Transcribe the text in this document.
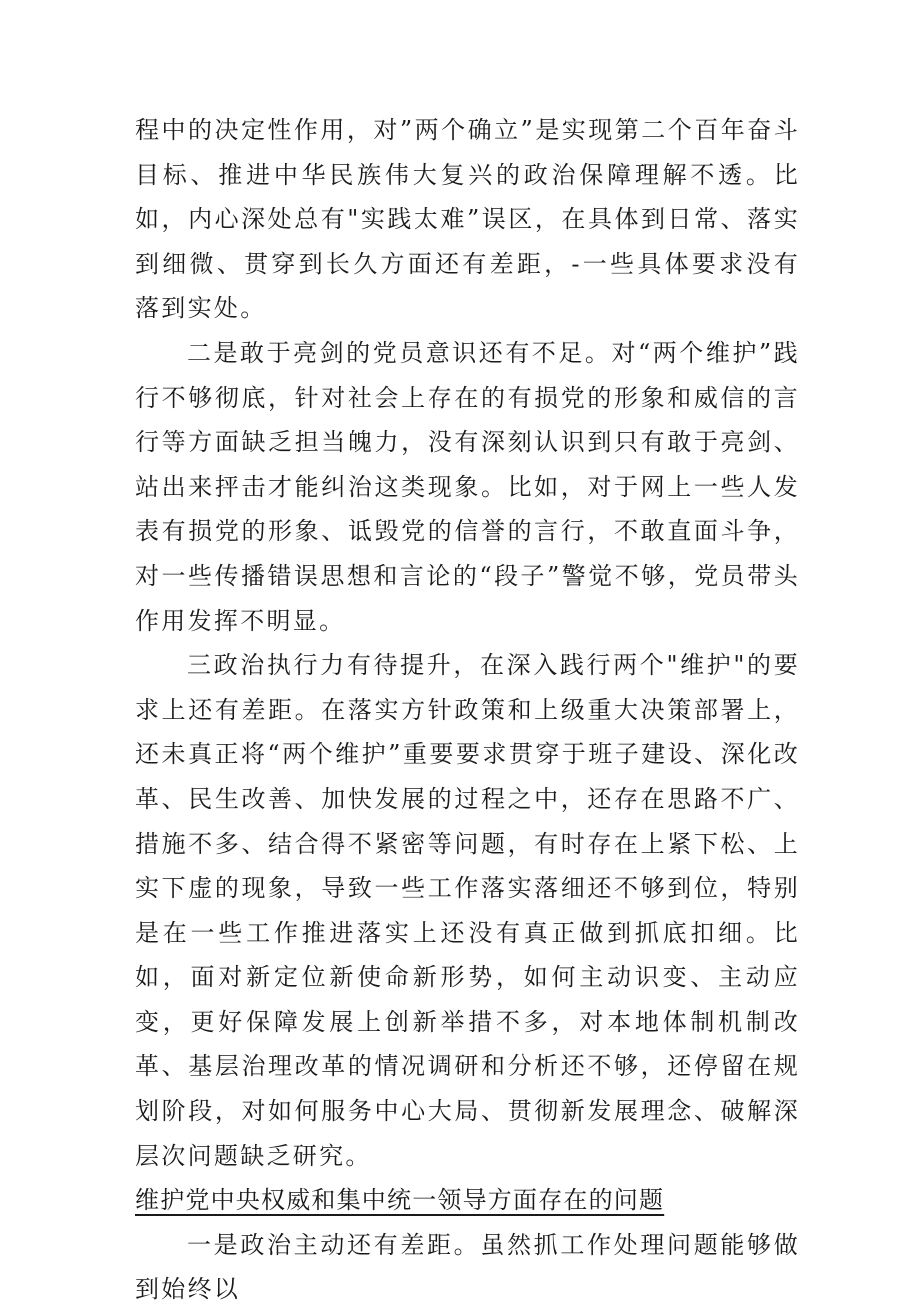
程中的决定性作用，对”两个确立”是实现第二个百年奋斗目标、推进中华民族伟大复兴的政治保障理解不透。比如，内心深处总有"实践太难”误区，在具体到日常、落实到细微、贯穿到长久方面还有差距，-一些具体要求没有落到实处。

二是敢于亮剑的党员意识还有不足。对“两个维护”践行不够彻底，针对社会上存在的有损党的形象和威信的言行等方面缺乏担当魄力，没有深刻认识到只有敢于亮剑、站出来抨击才能纠治这类现象。比如，对于网上一些人发表有损党的形象、诋毁党的信誉的言行，不敢直面斗争，对一些传播错误思想和言论的“段子”警觉不够，党员带头作用发挥不明显。

三政治执行力有待提升，在深入践行两个"维护"的要求上还有差距。在落实方针政策和上级重大决策部署上，还未真正将“两个维护”重要要求贯穿于班子建设、深化改革、民生改善、加快发展的过程之中，还存在思路不广、措施不多、结合得不紧密等问题，有时存在上紧下松、上实下虚的现象，导致一些工作落实落细还不够到位，特别是在一些工作推进落实上还没有真正做到抓底扣细。比如，面对新定位新使命新形势，如何主动识变、主动应变，更好保障发展上创新举措不多，对本地体制机制改革、基层治理改革的情况调研和分析还不够，还停留在规划阶段，对如何服务中心大局、贯彻新发展理念、破解深层次问题缺乏研究。

维护党中央权威和集中统一领导方面存在的问题

一是政治主动还有差距。虽然抓工作处理问题能够做到始终以
